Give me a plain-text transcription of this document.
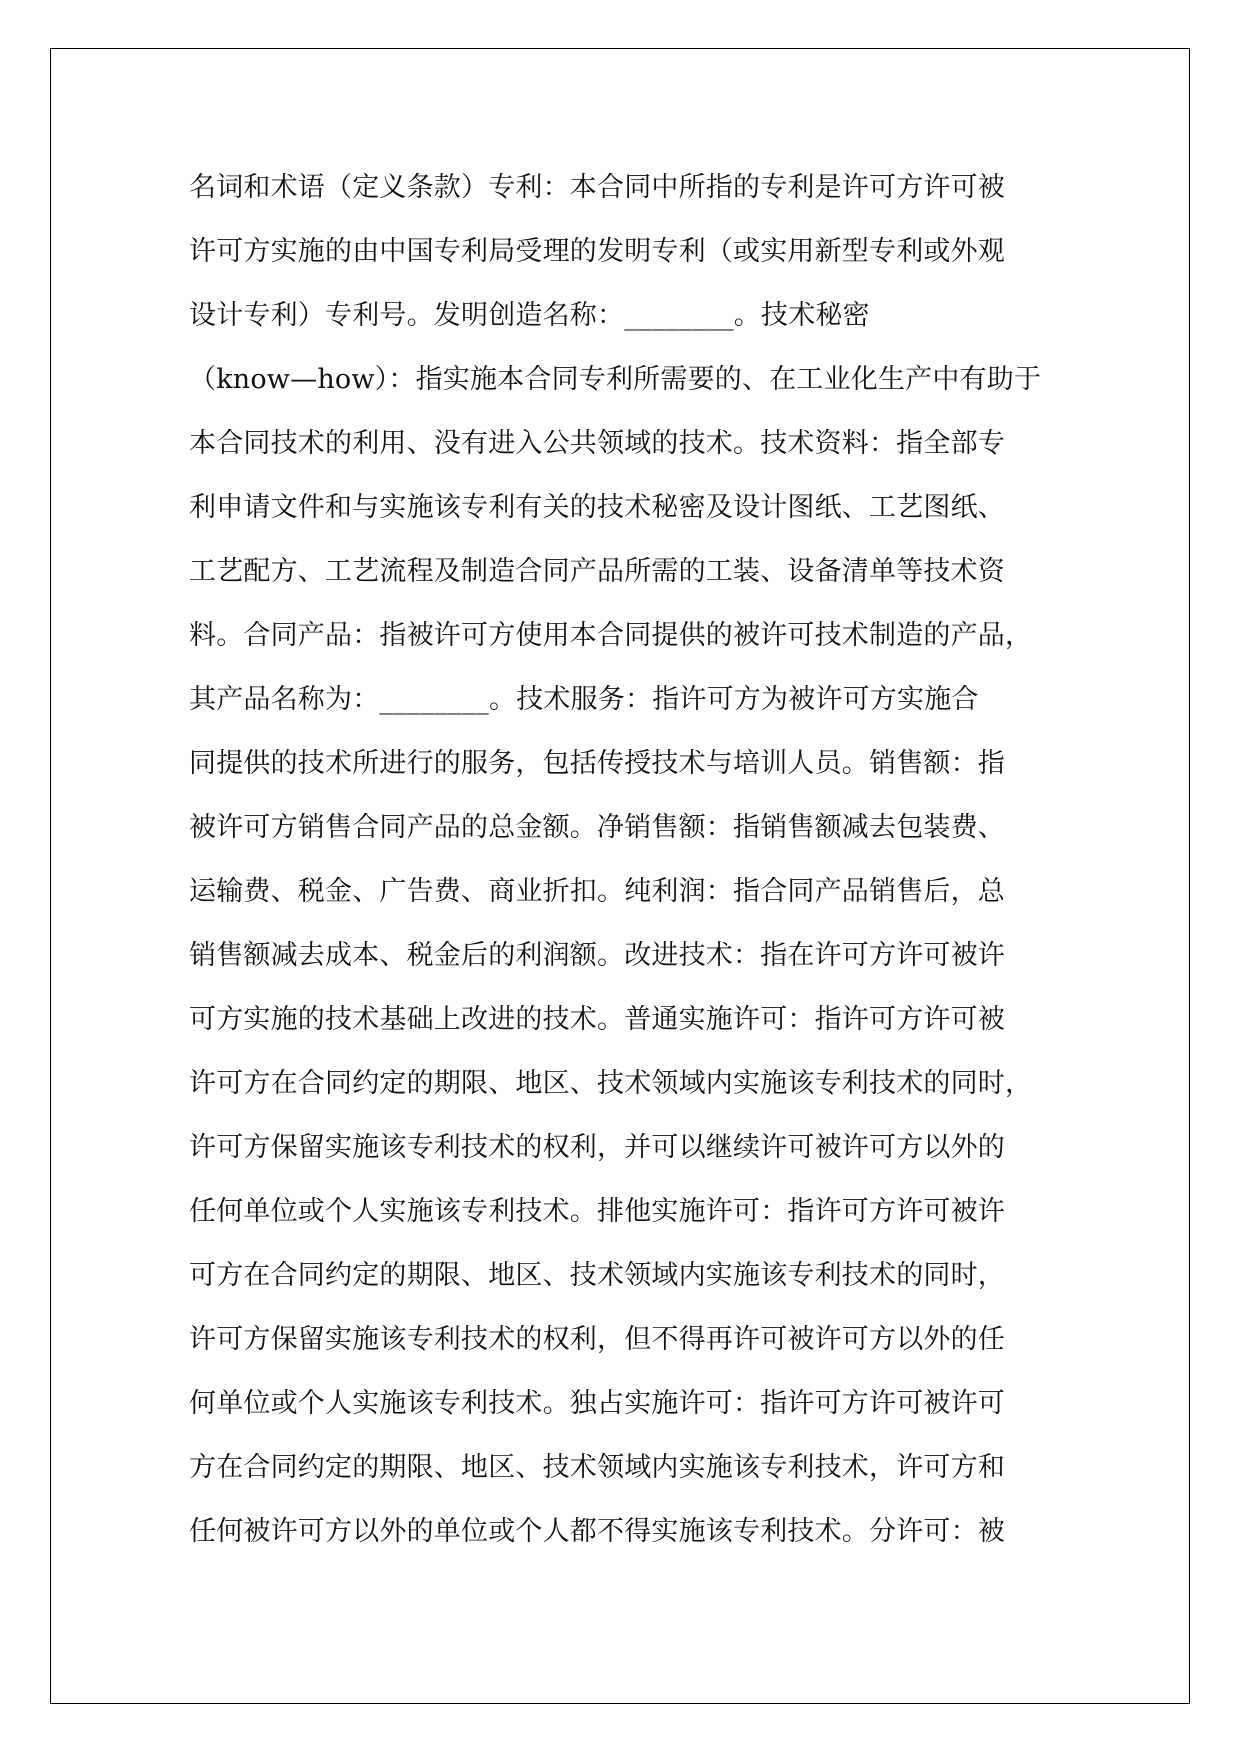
名词和术语（定义条款）专利：本合同中所指的专利是许可方许可被
许可方实施的由中国专利局受理的发明专利（或实用新型专利或外观
设计专利）专利号。发明创造名称：________。技术秘密
（know—how）：指实施本合同专利所需要的、在工业化生产中有助于
本合同技术的利用、没有进入公共领域的技术。技术资料：指全部专
利申请文件和与实施该专利有关的技术秘密及设计图纸、工艺图纸、
工艺配方、工艺流程及制造合同产品所需的工装、设备清单等技术资
料。合同产品：指被许可方使用本合同提供的被许可技术制造的产品，
其产品名称为：________。技术服务：指许可方为被许可方实施合
同提供的技术所进行的服务，包括传授技术与培训人员。销售额：指
被许可方销售合同产品的总金额。净销售额：指销售额减去包装费、
运输费、税金、广告费、商业折扣。纯利润：指合同产品销售后，总
销售额减去成本、税金后的利润额。改进技术：指在许可方许可被许
可方实施的技术基础上改进的技术。普通实施许可：指许可方许可被
许可方在合同约定的期限、地区、技术领域内实施该专利技术的同时，
许可方保留实施该专利技术的权利，并可以继续许可被许可方以外的
任何单位或个人实施该专利技术。排他实施许可：指许可方许可被许
可方在合同约定的期限、地区、技术领域内实施该专利技术的同时，
许可方保留实施该专利技术的权利，但不得再许可被许可方以外的任
何单位或个人实施该专利技术。独占实施许可：指许可方许可被许可
方在合同约定的期限、地区、技术领域内实施该专利技术，许可方和
任何被许可方以外的单位或个人都不得实施该专利技术。分许可：被
